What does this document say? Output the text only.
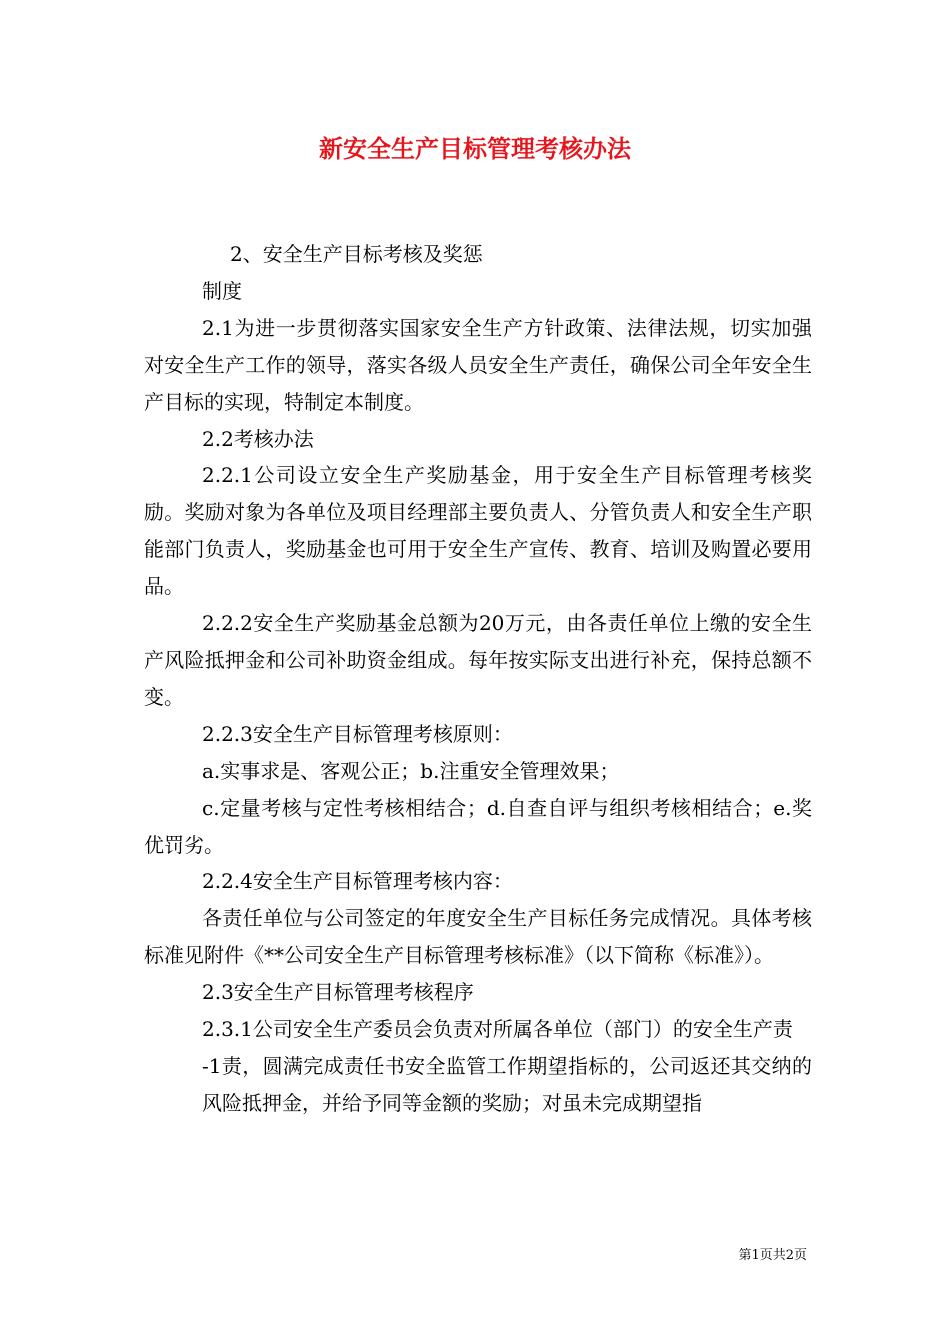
新安全生产目标管理考核办法

2、安全生产目标考核及奖惩

制度

2.1为进一步贯彻落实国家安全生产方针政策、法律法规，切实加强对安全生产工作的领导，落实各级人员安全生产责任，确保公司全年安全生产目标的实现，特制定本制度。

2.2考核办法

2.2.1公司设立安全生产奖励基金，用于安全生产目标管理考核奖励。奖励对象为各单位及项目经理部主要负责人、分管负责人和安全生产职能部门负责人，奖励基金也可用于安全生产宣传、教育、培训及购置必要用品。

2.2.2安全生产奖励基金总额为20万元，由各责任单位上缴的安全生产风险抵押金和公司补助资金组成。每年按实际支出进行补充，保持总额不变。

2.2.3安全生产目标管理考核原则：

a.实事求是、客观公正；b.注重安全管理效果；

c.定量考核与定性考核相结合；d.自查自评与组织考核相结合；e.奖优罚劣。

2.2.4安全生产目标管理考核内容：

各责任单位与公司签定的年度安全生产目标任务完成情况。具体考核标准见附件《**公司安全生产目标管理考核标准》（以下简称《标准》）。

2.3安全生产目标管理考核程序

2.3.1公司安全生产委员会负责对所属各单位（部门）的安全生产责

-1责，圆满完成责任书安全监管工作期望指标的，公司返还其交纳的风险抵押金，并给予同等金额的奖励；对虽未完成期望指

第1页共2页
